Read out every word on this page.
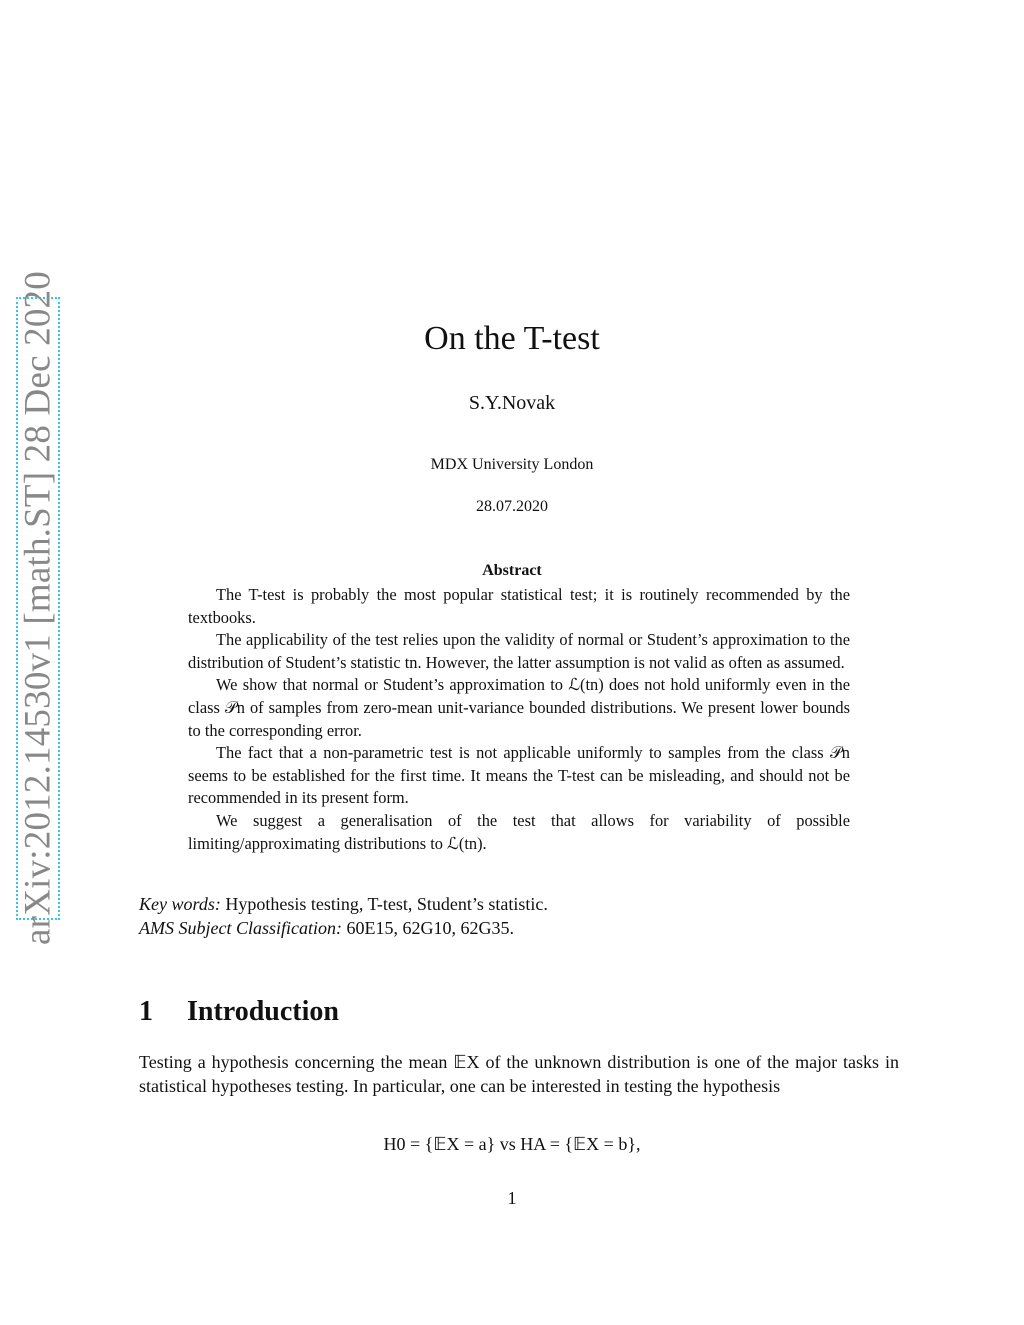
arXiv:2012.14530v1 [math.ST] 28 Dec 2020	On the T-test
S.Y.Novak
MDX University London
28.07.2020
Abstract

The T-test is probably the most popular statistical test; it is routinely recommended by the textbooks.

The applicability of the test relies upon the validity of normal or Student’s approximation to the distribution of Student’s statistic tn. However, the latter assumption is not valid as often as assumed.

We show that normal or Student’s approximation to ℒ(tn) does not hold uniformly even in the class 𝒫n of samples from zero-mean unit-variance bounded distributions. We present lower bounds to the corresponding error.

The fact that a non-parametric test is not applicable uniformly to samples from the class 𝒫n seems to be established for the first time. It means the T-test can be misleading, and should not be recommended in its present form.

We suggest a generalisation of the test that allows for variability of possible limiting/approximating distributions to ℒ(tn).

Key words: Hypothesis testing, T-test, Student’s statistic.
AMS Subject Classification: 60E15, 62G10, 62G35.
1 Introduction

Testing a hypothesis concerning the mean 𝔼X of the unknown distribution is one of the major tasks in statistical hypotheses testing. In particular, one can be interested in testing the hypothesis

H0 = {𝔼X = a} vs HA = {𝔼X = b},
1
